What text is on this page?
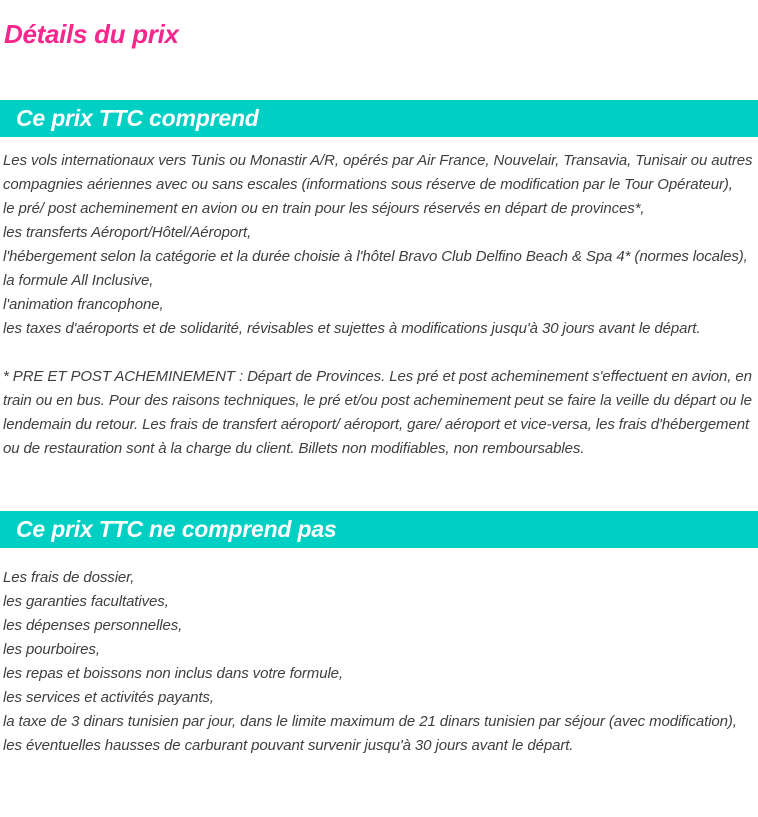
Détails du prix
Ce prix TTC comprend

Les vols internationaux vers Tunis ou Monastir A/R, opérés par Air France, Nouvelair, Transavia, Tunisair ou autres compagnies aériennes avec ou sans escales (informations sous réserve de modification par le Tour Opérateur),

le pré/ post acheminement en avion ou en train pour les séjours réservés en départ de provinces*,

les transferts Aéroport/Hôtel/Aéroport,

l'hébergement selon la catégorie et la durée choisie à l'hôtel Bravo Club Delfino Beach & Spa 4* (normes locales),

la formule All Inclusive,

l'animation francophone,

les taxes d'aéroports et de solidarité, révisables et sujettes à modifications jusqu'à 30 jours avant le départ.

* PRE ET POST ACHEMINEMENT : Départ de Provinces. Les pré et post acheminement s'effectuent en avion, en train ou en bus. Pour des raisons techniques, le pré et/ou post acheminement peut se faire la veille du départ ou le lendemain du retour. Les frais de transfert aéroport/ aéroport, gare/ aéroport et vice-versa, les frais d'hébergement ou de restauration sont à la charge du client. Billets non modifiables, non remboursables.

Ce prix TTC ne comprend pas

Les frais de dossier,

les garanties facultatives,

les dépenses personnelles,

les pourboires,

les repas et boissons non inclus dans votre formule,

les services et activités payants,

la taxe de 3 dinars tunisien par jour, dans le limite maximum de 21 dinars tunisien par séjour (avec modification),

les éventuelles hausses de carburant pouvant survenir jusqu'à 30 jours avant le départ.
